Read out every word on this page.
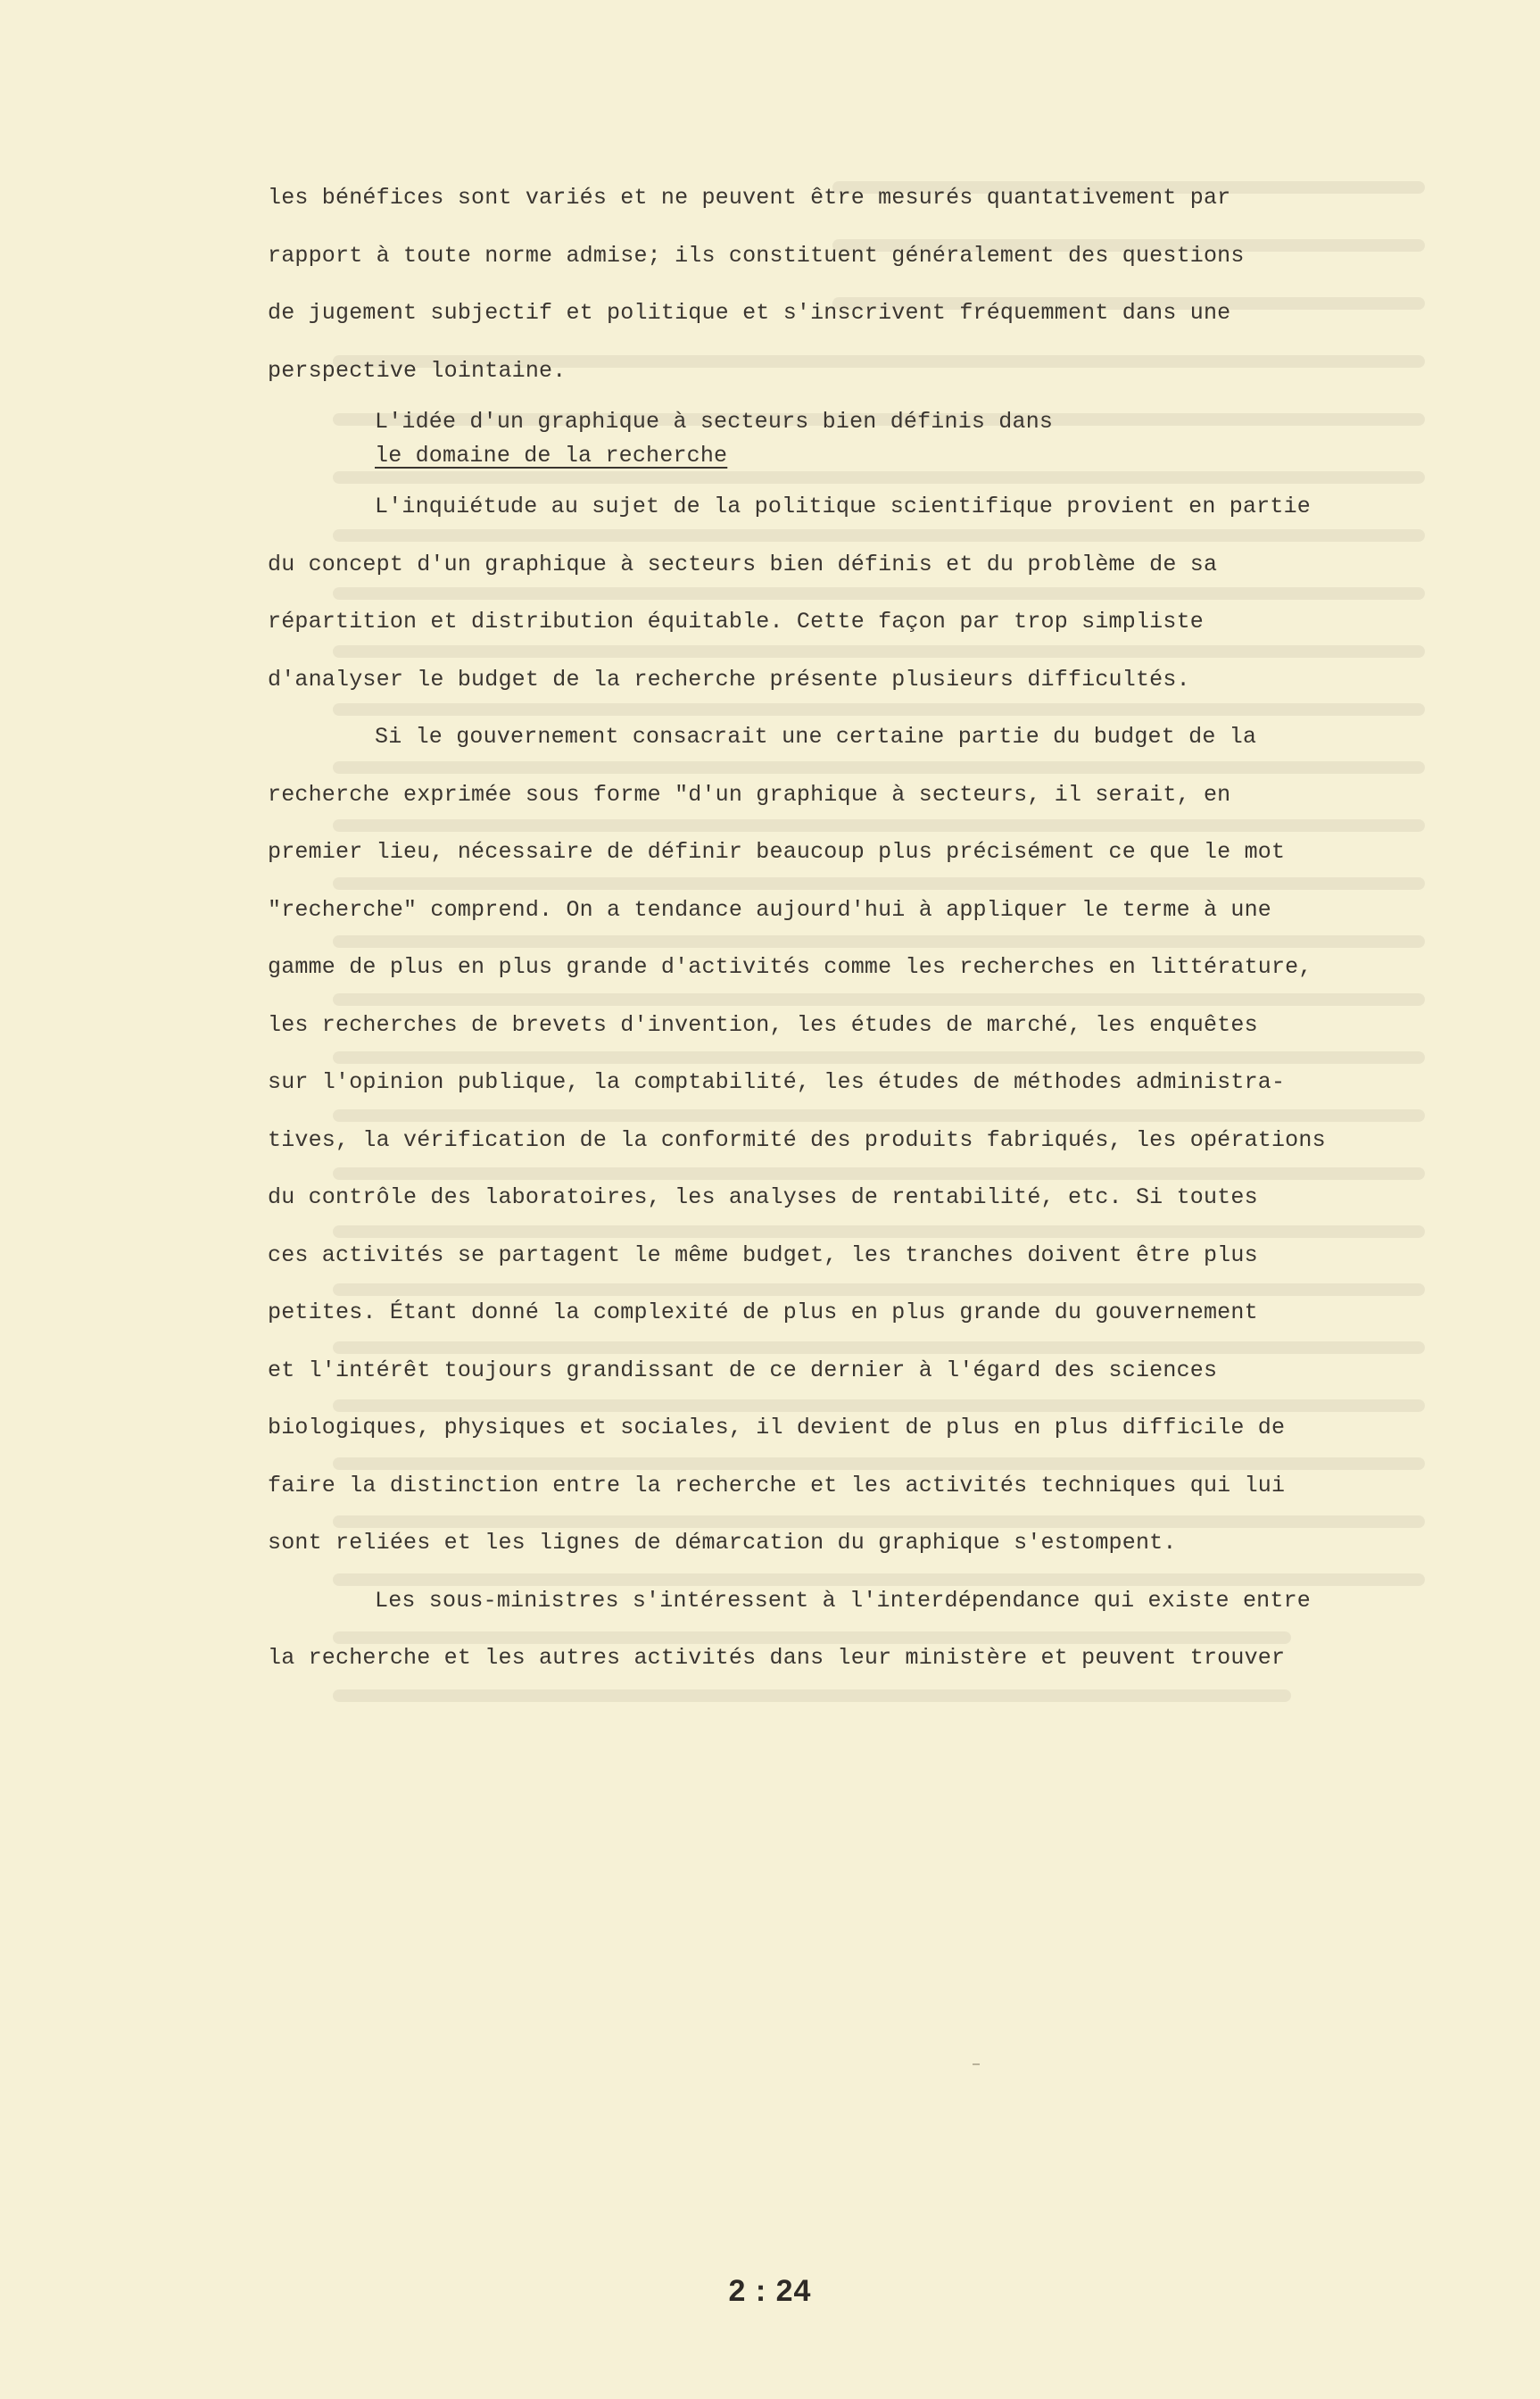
les bénéfices sont variés et ne peuvent être mesurés quantativement par
rapport à toute norme admise; ils constituent généralement des questions
de jugement subjectif et politique et s'inscrivent fréquemment dans une
perspective lointaine.
L'idée d'un graphique à secteurs bien définis dans
le domaine de la recherche
L'inquiétude au sujet de la politique scientifique provient en partie
du concept d'un graphique à secteurs bien définis et du problème de sa
répartition et distribution équitable. Cette façon par trop simpliste
d'analyser le budget de la recherche présente plusieurs difficultés.
Si le gouvernement consacrait une certaine partie du budget de la
recherche exprimée sous forme "d'un graphique à secteurs, il serait, en
premier lieu, nécessaire de définir beaucoup plus précisément ce que le mot
"recherche" comprend. On a tendance aujourd'hui à appliquer le terme à une
gamme de plus en plus grande d'activités comme les recherches en littérature,
les recherches de brevets d'invention, les études de marché, les enquêtes
sur l'opinion publique, la comptabilité, les études de méthodes administra-
tives, la vérification de la conformité des produits fabriqués, les opérations
du contrôle des laboratoires, les analyses de rentabilité, etc. Si toutes
ces activités se partagent le même budget, les tranches doivent être plus
petites. Étant donné la complexité de plus en plus grande du gouvernement
et l'intérêt toujours grandissant de ce dernier à l'égard des sciences
biologiques, physiques et sociales, il devient de plus en plus difficile de
faire la distinction entre la recherche et les activités techniques qui lui
sont reliées et les lignes de démarcation du graphique s'estompent.
Les sous-ministres s'intéressent à l'interdépendance qui existe entre
la recherche et les autres activités dans leur ministère et peuvent trouver
2 : 24
